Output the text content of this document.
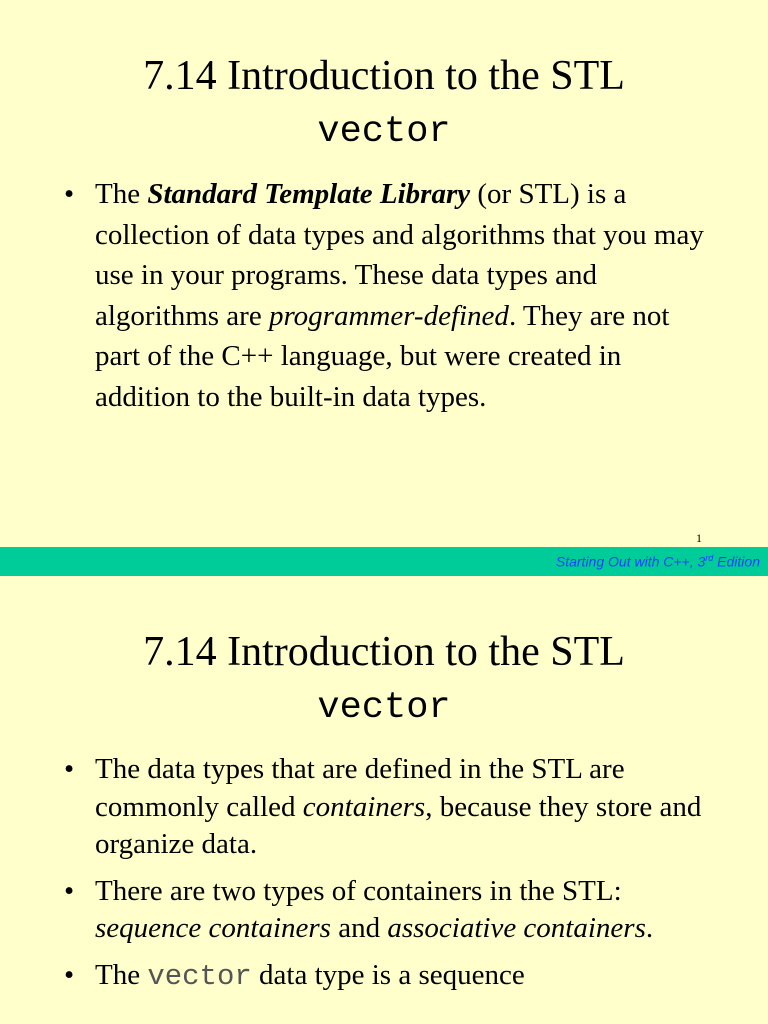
7.14 Introduction to the STL
vector
• The Standard Template Library (or STL) is a collection of data types and algorithms that you may use in your programs. These data types and algorithms are programmer-defined. They are not part of the C++ language, but were created in addition to the built-in data types.
1
Starting Out with C++, 3rd Edition
7.14 Introduction to the STL
vector
• The data types that are defined in the STL are commonly called containers, because they store and organize data.
• There are two types of containers in the STL: sequence containers and associative containers.
• The vector data type is a sequence
